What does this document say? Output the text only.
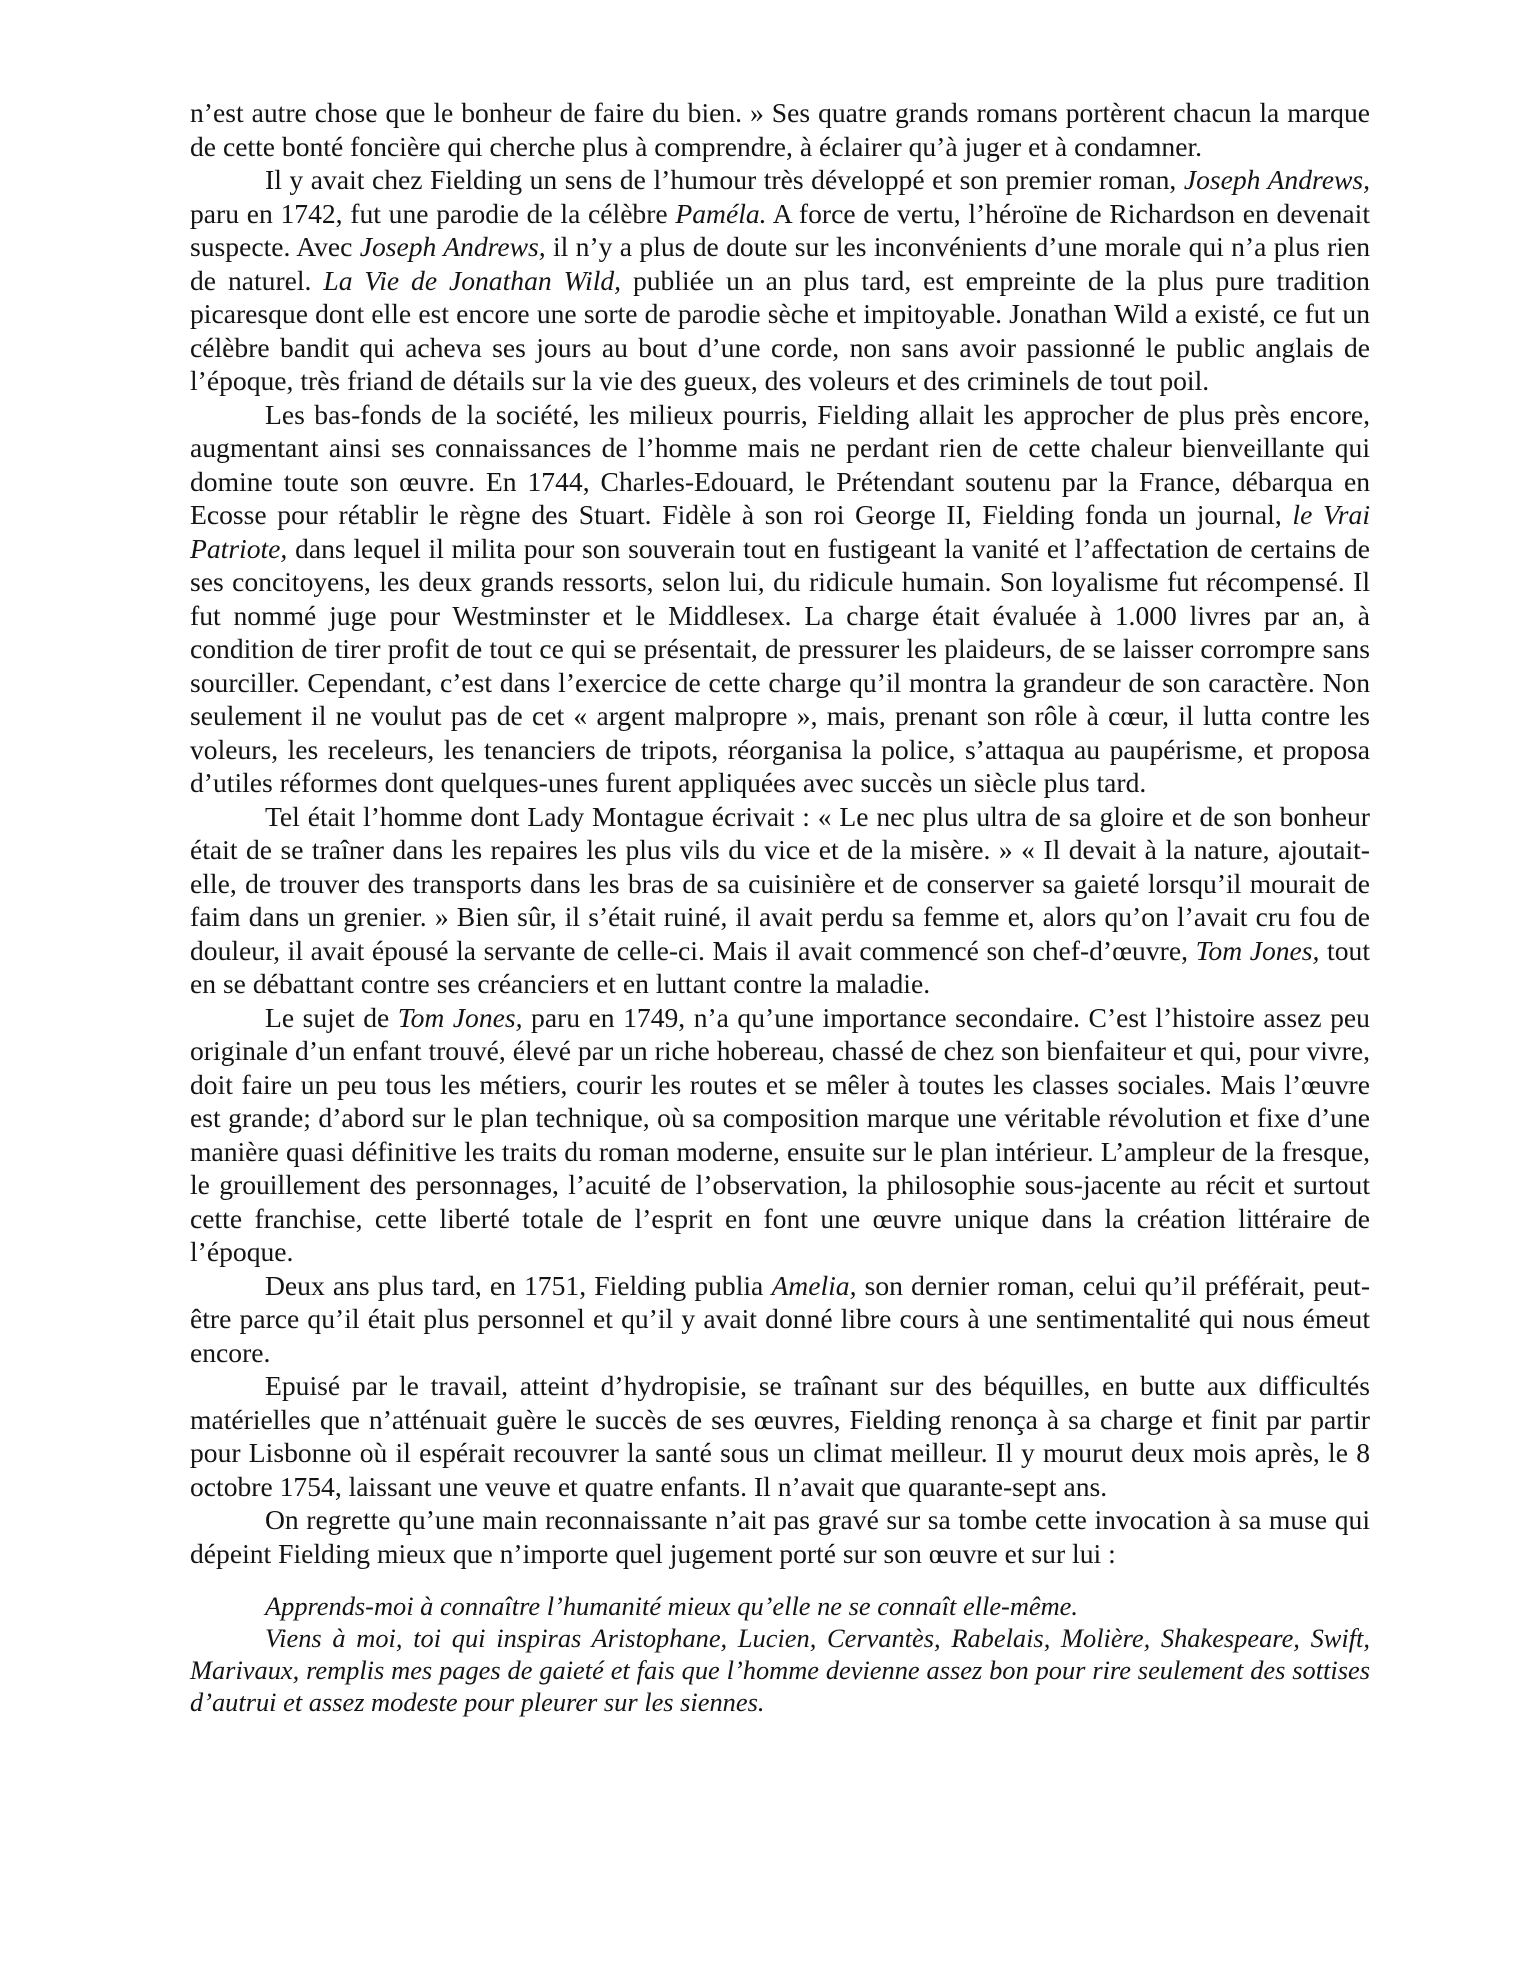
n’est autre chose que le bonheur de faire du bien. » Ses quatre grands romans portèrent chacun la marque de cette bonté foncière qui cherche plus à comprendre, à éclairer qu’à juger et à condamner.

Il y avait chez Fielding un sens de l’humour très développé et son premier roman, Joseph Andrews, paru en 1742, fut une parodie de la célèbre Paméla. A force de vertu, l’héroïne de Richardson en devenait suspecte. Avec Joseph Andrews, il n’y a plus de doute sur les inconvénients d’une morale qui n’a plus rien de naturel. La Vie de Jonathan Wild, publiée un an plus tard, est empreinte de la plus pure tradition picaresque dont elle est encore une sorte de parodie sèche et impitoyable. Jonathan Wild a existé, ce fut un célèbre bandit qui acheva ses jours au bout d’une corde, non sans avoir passionné le public anglais de l’époque, très friand de détails sur la vie des gueux, des voleurs et des criminels de tout poil.

Les bas-fonds de la société, les milieux pourris, Fielding allait les approcher de plus près encore, augmentant ainsi ses connaissances de l’homme mais ne perdant rien de cette chaleur bienveillante qui domine toute son œuvre. En 1744, Charles-Edouard, le Prétendant soutenu par la France, débarqua en Ecosse pour rétablir le règne des Stuart. Fidèle à son roi George II, Fielding fonda un journal, le Vrai Patriote, dans lequel il milita pour son souverain tout en fustigeant la vanité et l’affectation de certains de ses concitoyens, les deux grands ressorts, selon lui, du ridicule humain. Son loyalisme fut récompensé. Il fut nommé juge pour Westminster et le Middlesex. La charge était évaluée à 1.000 livres par an, à condition de tirer profit de tout ce qui se présentait, de pressurer les plaideurs, de se laisser corrompre sans sourciller. Cependant, c’est dans l’exercice de cette charge qu’il montra la grandeur de son caractère. Non seulement il ne voulut pas de cet « argent malpropre », mais, prenant son rôle à cœur, il lutta contre les voleurs, les receleurs, les tenanciers de tripots, réorganisa la police, s’attaqua au paupérisme, et proposa d’utiles réformes dont quelques-unes furent appliquées avec succès un siècle plus tard.

Tel était l’homme dont Lady Montague écrivait : « Le nec plus ultra de sa gloire et de son bonheur était de se traîner dans les repaires les plus vils du vice et de la misère. » « Il devait à la nature, ajoutait-elle, de trouver des transports dans les bras de sa cuisinière et de conserver sa gaieté lorsqu’il mourait de faim dans un grenier. » Bien sûr, il s’était ruiné, il avait perdu sa femme et, alors qu’on l’avait cru fou de douleur, il avait épousé la servante de celle-ci. Mais il avait commencé son chef-d’œuvre, Tom Jones, tout en se débattant contre ses créanciers et en luttant contre la maladie.

Le sujet de Tom Jones, paru en 1749, n’a qu’une importance secondaire. C’est l’histoire assez peu originale d’un enfant trouvé, élevé par un riche hobereau, chassé de chez son bienfaiteur et qui, pour vivre, doit faire un peu tous les métiers, courir les routes et se mêler à toutes les classes sociales. Mais l’œuvre est grande; d’abord sur le plan technique, où sa composition marque une véritable révolution et fixe d’une manière quasi définitive les traits du roman moderne, ensuite sur le plan intérieur. L’ampleur de la fresque, le grouillement des personnages, l’acuité de l’observation, la philosophie sous-jacente au récit et surtout cette franchise, cette liberté totale de l’esprit en font une œuvre unique dans la création littéraire de l’époque.

Deux ans plus tard, en 1751, Fielding publia Amelia, son dernier roman, celui qu’il préférait, peut-être parce qu’il était plus personnel et qu’il y avait donné libre cours à une sentimentalité qui nous émeut encore.

Epuisé par le travail, atteint d’hydropisie, se traînant sur des béquilles, en butte aux difficultés matérielles que n’atténuait guère le succès de ses œuvres, Fielding renonça à sa charge et finit par partir pour Lisbonne où il espérait recouvrer la santé sous un climat meilleur. Il y mourut deux mois après, le 8 octobre 1754, laissant une veuve et quatre enfants. Il n’avait que quarante-sept ans.

On regrette qu’une main reconnaissante n’ait pas gravé sur sa tombe cette invocation à sa muse qui dépeint Fielding mieux que n’importe quel jugement porté sur son œuvre et sur lui :

Apprends-moi à connaître l’humanité mieux qu’elle ne se connaît elle-même.

Viens à moi, toi qui inspiras Aristophane, Lucien, Cervantès, Rabelais, Molière, Shakespeare, Swift, Marivaux, remplis mes pages de gaieté et fais que l’homme devienne assez bon pour rire seulement des sottises d’autrui et assez modeste pour pleurer sur les siennes.
